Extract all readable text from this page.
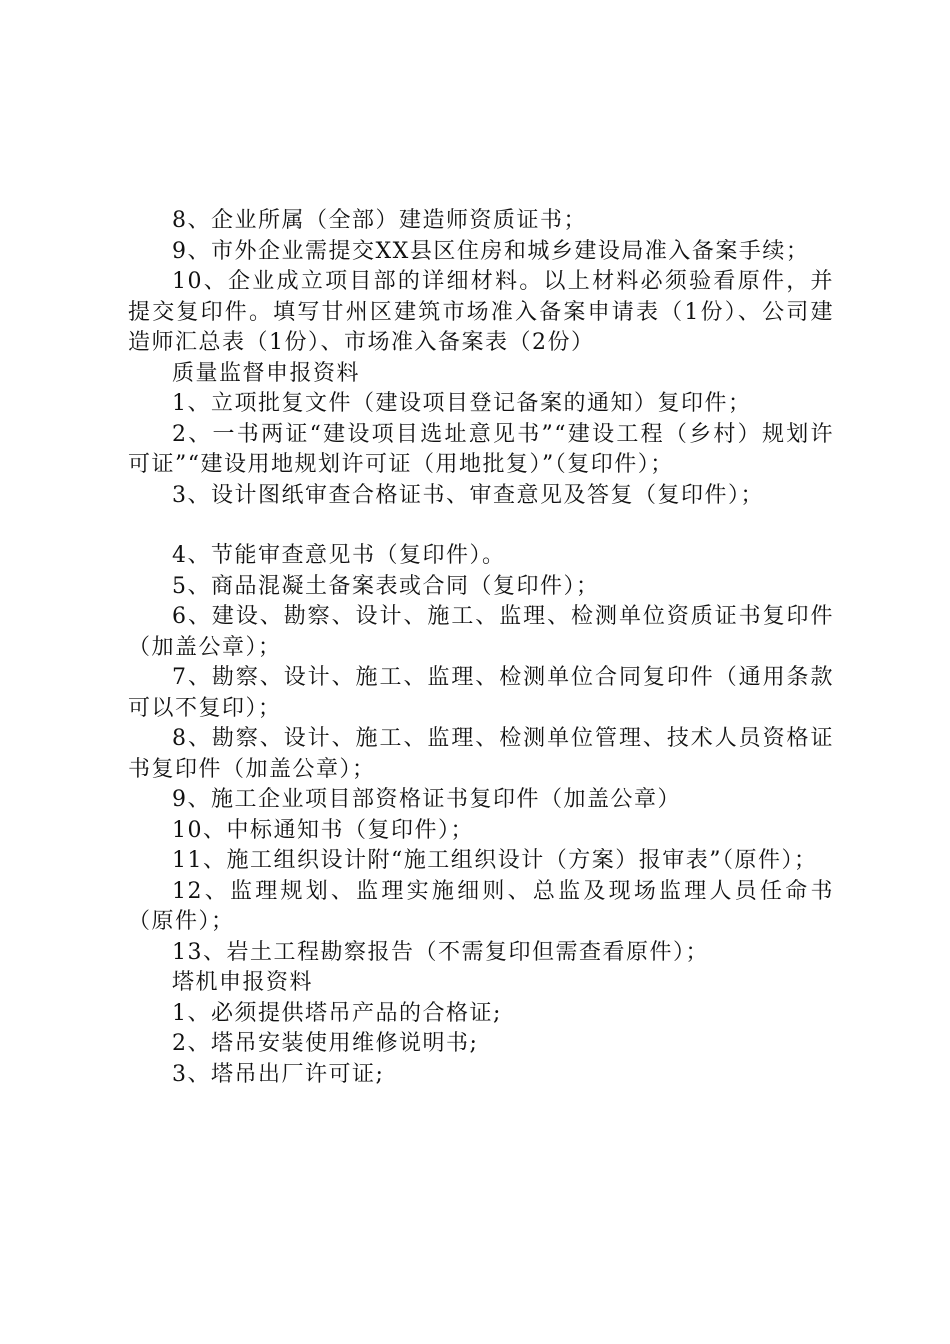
8、企业所属（全部）建造师资质证书；

9、市外企业需提交XX县区住房和城乡建设局准入备案手续；

10、企业成立项目部的详细材料。以上材料必须验看原件，并提交复印件。填写甘州区建筑市场准入备案申请表（1份）、公司建造师汇总表（1份）、市场准入备案表（2份）

质量监督申报资料

1、立项批复文件（建设项目登记备案的通知）复印件；

2、一书两证“建设项目选址意见书”“建设工程（乡村）规划许可证”“建设用地规划许可证（用地批复）”（复印件）；

3、设计图纸审查合格证书、审查意见及答复（复印件）；

4、节能审查意见书（复印件）。

5、商品混凝土备案表或合同（复印件）；

6、建设、勘察、设计、施工、监理、检测单位资质证书复印件（加盖公章）；

7、勘察、设计、施工、监理、检测单位合同复印件（通用条款可以不复印）；

8、勘察、设计、施工、监理、检测单位管理、技术人员资格证书复印件（加盖公章）；

9、施工企业项目部资格证书复印件（加盖公章）

10、中标通知书（复印件）；

11、施工组织设计附“施工组织设计（方案）报审表”（原件）；

12、监理规划、监理实施细则、总监及现场监理人员任命书（原件）；

13、岩土工程勘察报告（不需复印但需查看原件）；

塔机申报资料

1、必须提供塔吊产品的合格证;

2、塔吊安装使用维修说明书;

3、塔吊出厂许可证;
